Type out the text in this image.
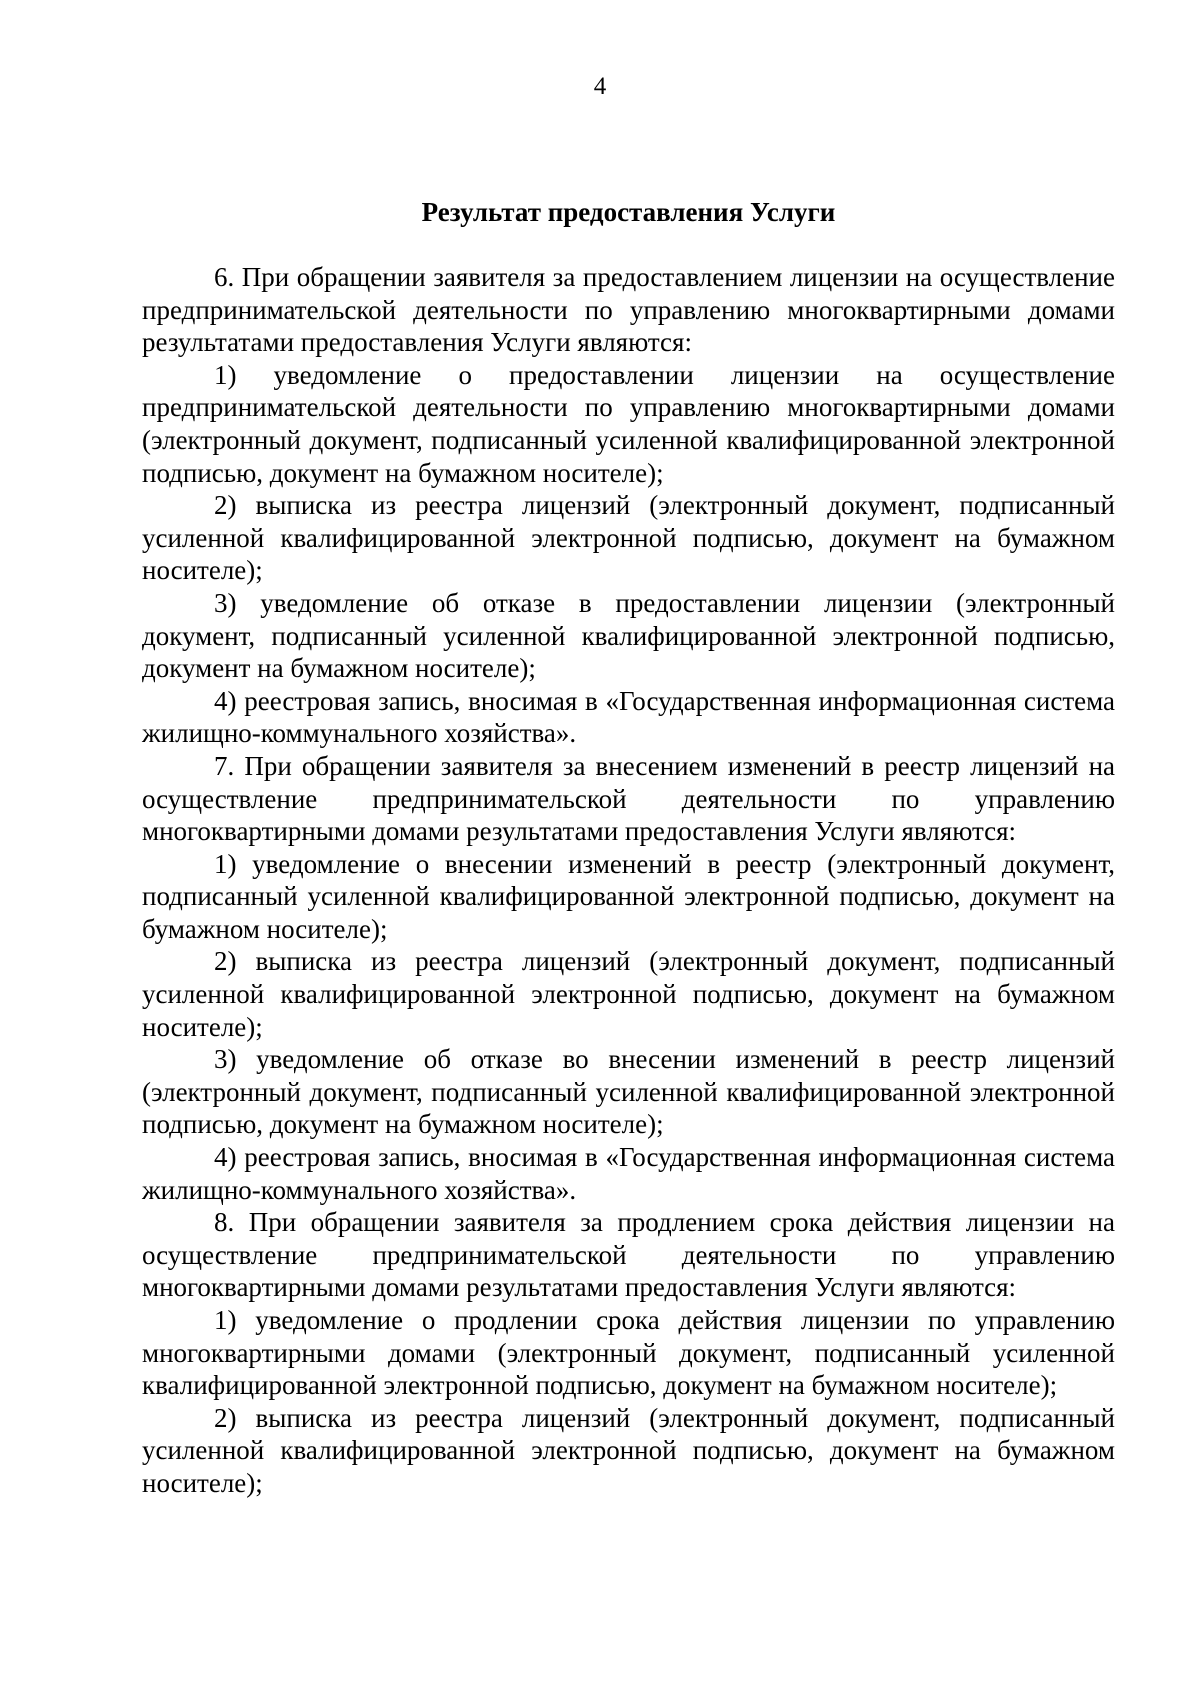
4
Результат предоставления Услуги

6. При обращении заявителя за предоставлением лицензии на осуществление предпринимательской деятельности по управлению многоквартирными домами результатами предоставления Услуги являются:

1) уведомление о предоставлении лицензии на осуществление предпринимательской деятельности по управлению многоквартирными домами (электронный документ, подписанный усиленной квалифицированной электронной подписью, документ на бумажном носителе);

2) выписка из реестра лицензий (электронный документ, подписанный усиленной квалифицированной электронной подписью, документ на бумажном носителе);

3) уведомление об отказе в предоставлении лицензии (электронный документ, подписанный усиленной квалифицированной электронной подписью, документ на бумажном носителе);

4) реестровая запись, вносимая в «Государственная информационная система жилищно-коммунального хозяйства».

7. При обращении заявителя за внесением изменений в реестр лицензий на осуществление предпринимательской деятельности по управлению многоквартирными домами результатами предоставления Услуги являются:

1) уведомление о внесении изменений в реестр (электронный документ, подписанный усиленной квалифицированной электронной подписью, документ на бумажном носителе);

2) выписка из реестра лицензий (электронный документ, подписанный усиленной квалифицированной электронной подписью, документ на бумажном носителе);

3) уведомление об отказе во внесении изменений в реестр лицензий (электронный документ, подписанный усиленной квалифицированной электронной подписью, документ на бумажном носителе);

4) реестровая запись, вносимая в «Государственная информационная система жилищно-коммунального хозяйства».

8. При обращении заявителя за продлением срока действия лицензии на осуществление предпринимательской деятельности по управлению многоквартирными домами результатами предоставления Услуги являются:

1) уведомление о продлении срока действия лицензии по управлению многоквартирными домами (электронный документ, подписанный усиленной квалифицированной электронной подписью, документ на бумажном носителе);

2) выписка из реестра лицензий (электронный документ, подписанный усиленной квалифицированной электронной подписью, документ на бумажном носителе);
